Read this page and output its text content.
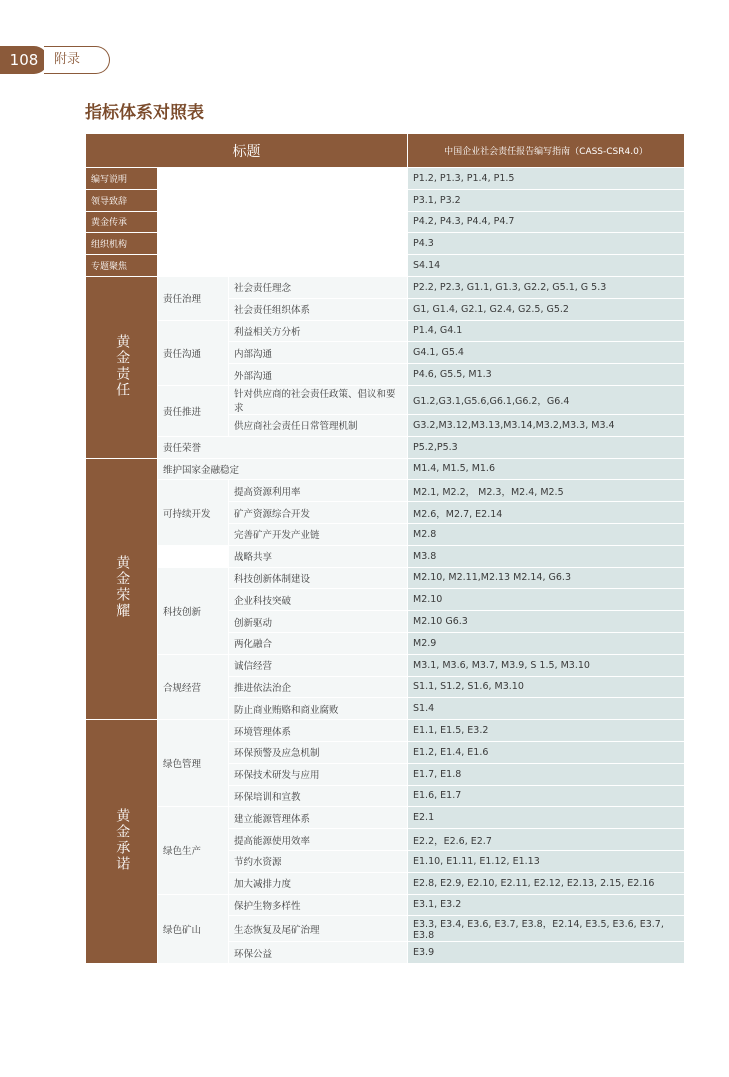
108	附录
指标体系对照表
标题			中国企业社会责任报告编写指南（CASS-CSR4.0）
编写说明			P1.2, P1.3, P1.4, P1.5
领导致辞			P3.1, P3.2
黄金传承			P4.2, P4.3, P4.4, P4.7
组织机构			P4.3
专题聚焦			S4.14
黄金责任	责任治理	社会责任理念	P2.2, P2.3, G1.1, G1.3, G2.2, G5.1, G 5.3
		社会责任组织体系	G1, G1.4, G2.1, G2.4, G2.5, G5.2
	责任沟通	利益相关方分析	P1.4, G4.1
		内部沟通	G4.1, G5.4
		外部沟通	P4.6, G5.5, M1.3
	责任推进	针对供应商的社会责任政策、倡议和要求	G1.2,G3.1,G5.6,G6.1,G6.2，G6.4
		供应商社会责任日常管理机制	G3.2,M3.12,M3.13,M3.14,M3.2,M3.3, M3.4
	责任荣誉		P5.2,P5.3
黄金荣耀	维护国家金融稳定		M1.4, M1.5, M1.6
	可持续开发	提高资源利用率	M2.1, M2.2， M2.3，M2.4, M2.5
		矿产资源综合开发	M2.6，M2.7, E2.14
		完善矿产开发产业链	M2.8
		战略共享	M3.8
	科技创新	科技创新体制建设	M2.10, M2.11,M2.13 M2.14, G6.3
		企业科技突破	M2.10
		创新驱动	M2.10 G6.3
		两化融合	M2.9
	合规经营	诚信经营	M3.1, M3.6, M3.7, M3.9, S 1.5, M3.10
		推进依法治企	S1.1, S1.2, S1.6, M3.10
		防止商业贿赂和商业腐败	S1.4
黄金承诺	绿色管理	环境管理体系	E1.1, E1.5, E3.2
		环保预警及应急机制	E1.2, E1.4, E1.6
		环保技术研发与应用	E1.7, E1.8
		环保培训和宣教	E1.6, E1.7
	绿色生产	建立能源管理体系	E2.1
		提高能源使用效率	E2.2，E2.6, E2.7
		节约水资源	E1.10, E1.11, E1.12, E1.13
		加大减排力度	E2.8, E2.9, E2.10, E2.11, E2.12, E2.13, 2.15, E2.16
	绿色矿山	保护生物多样性	E3.1, E3.2
		生态恢复及尾矿治理	E3.3, E3.4, E3.6, E3.7, E3.8，E2.14, E3.5, E3.6, E3.7, E3.8
		环保公益	E3.9
